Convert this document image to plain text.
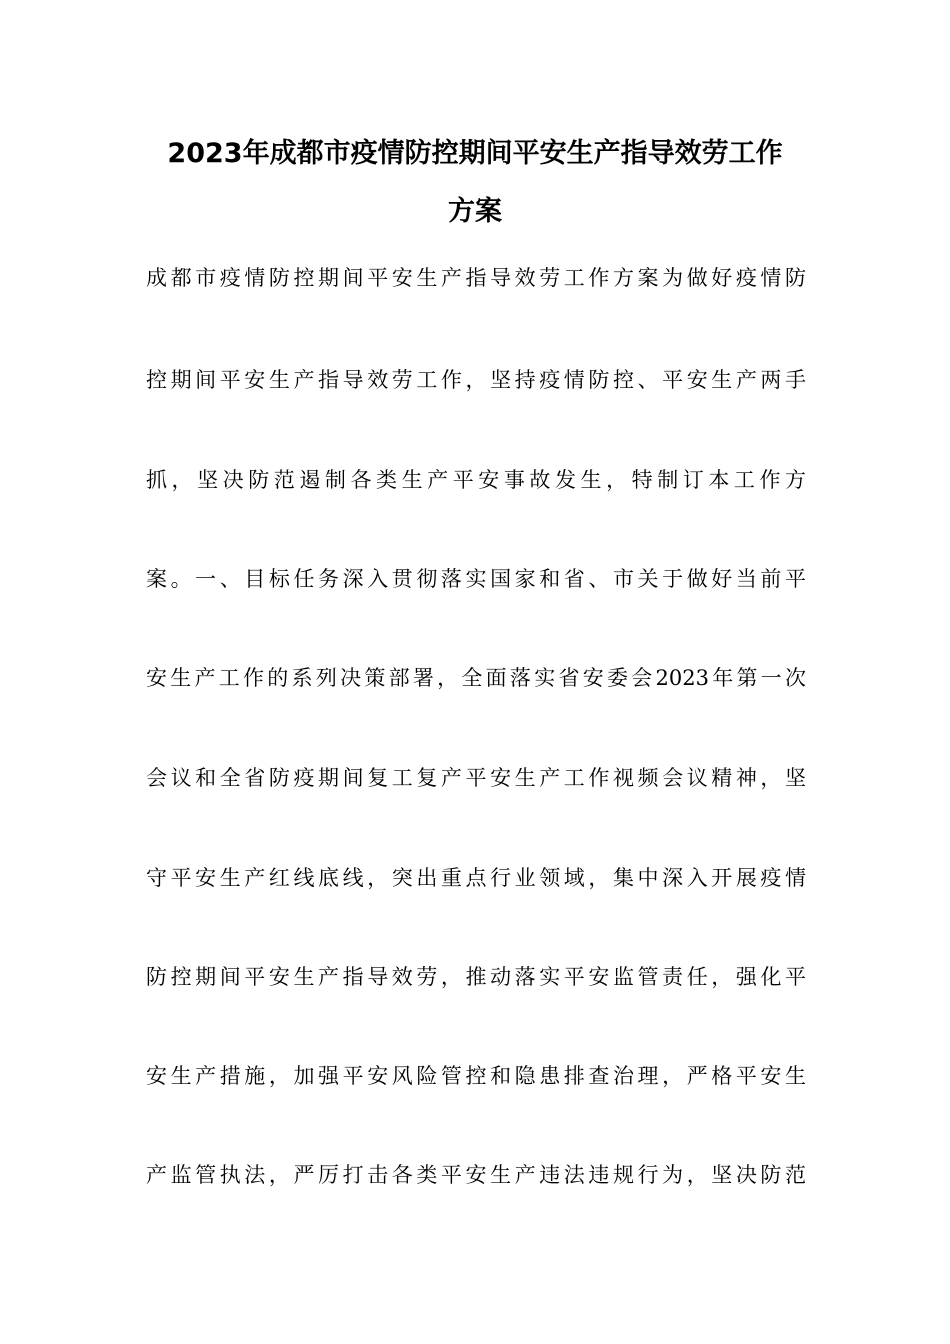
2023年成都市疫情防控期间平安生产指导效劳工作
方案
成都市疫情防控期间平安生产指导效劳工作方案为做好疫情防
控期间平安生产指导效劳工作，坚持疫情防控、平安生产两手
抓，坚决防范遏制各类生产平安事故发生，特制订本工作方
案。一、目标任务深入贯彻落实国家和省、市关于做好当前平
安生产工作的系列决策部署，全面落实省安委会2023年第一次
会议和全省防疫期间复工复产平安生产工作视频会议精神，坚
守平安生产红线底线，突出重点行业领域，集中深入开展疫情
防控期间平安生产指导效劳，推动落实平安监管责任，强化平
安生产措施，加强平安风险管控和隐患排查治理，严格平安生
产监管执法，严厉打击各类平安生产违法违规行为，坚决防范
